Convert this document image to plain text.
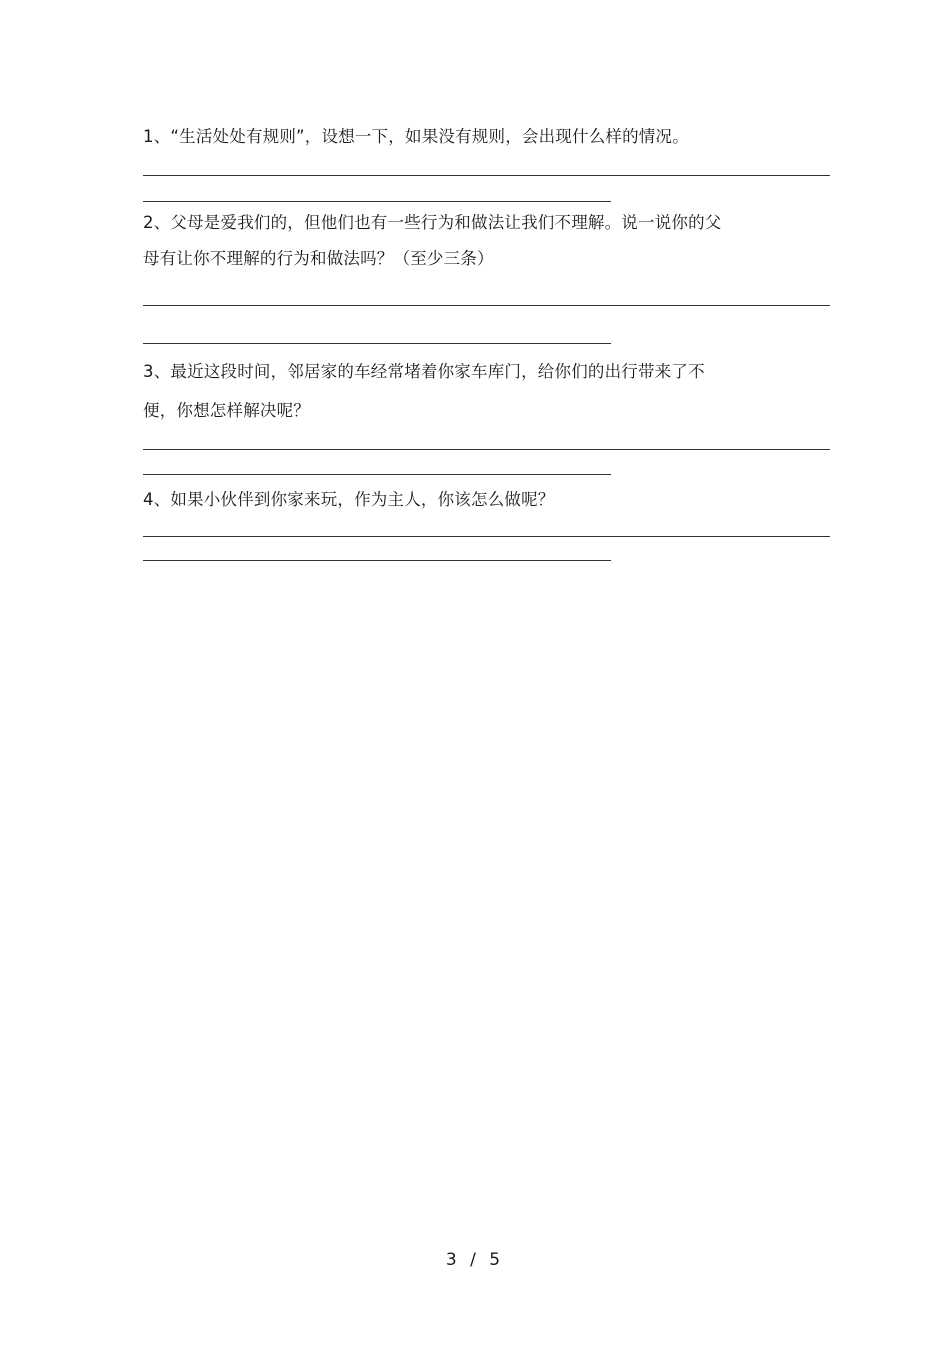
1、“生活处处有规则”，设想一下，如果没有规则，会出现什么样的情况。
2、父母是爱我们的，但他们也有一些行为和做法让我们不理解。说一说你的父
母有让你不理解的行为和做法吗？（至少三条）
3、最近这段时间，邻居家的车经常堵着你家车库门，给你们的出行带来了不
便，你想怎样解决呢？
4、如果小伙伴到你家来玩，作为主人，你该怎么做呢？
3 / 5
